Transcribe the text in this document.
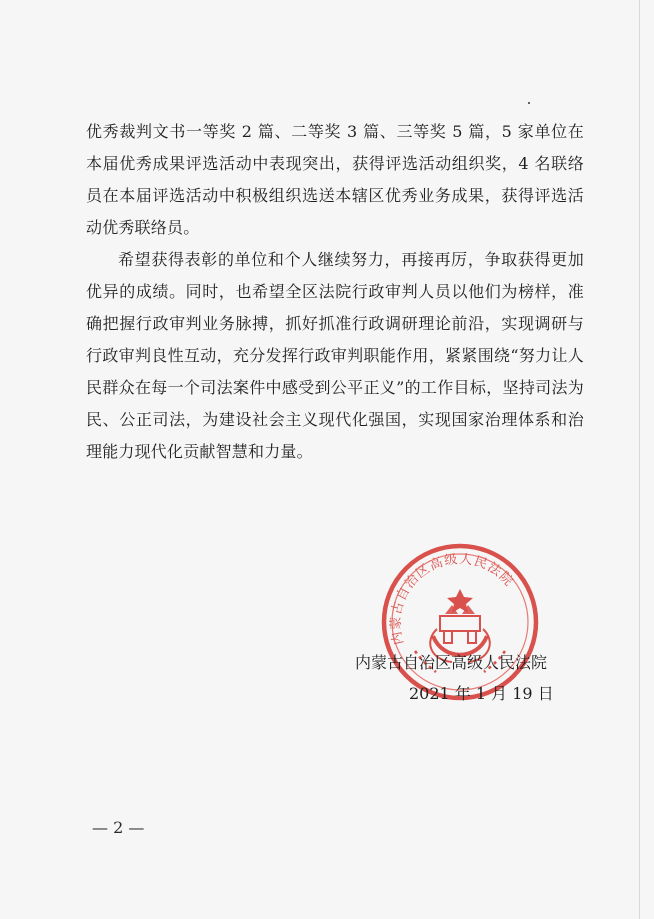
优秀裁判文书一等奖 2 篇、二等奖 3 篇、三等奖 5 篇，5 家单位在本届优秀成果评选活动中表现突出，获得评选活动组织奖，4 名联络员在本届评选活动中积极组织选送本辖区优秀业务成果，获得评选活动优秀联络员。

希望获得表彰的单位和个人继续努力，再接再厉，争取获得更加优异的成绩。同时，也希望全区法院行政审判人员以他们为榜样，准确把握行政审判业务脉搏，抓好抓准行政调研理论前沿，实现调研与行政审判良性互动，充分发挥行政审判职能作用，紧紧围绕“努力让人民群众在每一个司法案件中感受到公平正义”的工作目标，坚持司法为民、公正司法，为建设社会主义现代化强国，实现国家治理体系和治理能力现代化贡献智慧和力量。

内蒙古自治区高级人民法院
内蒙古自治区高级人民法院
2021 年 1 月 19 日
— 2 —
